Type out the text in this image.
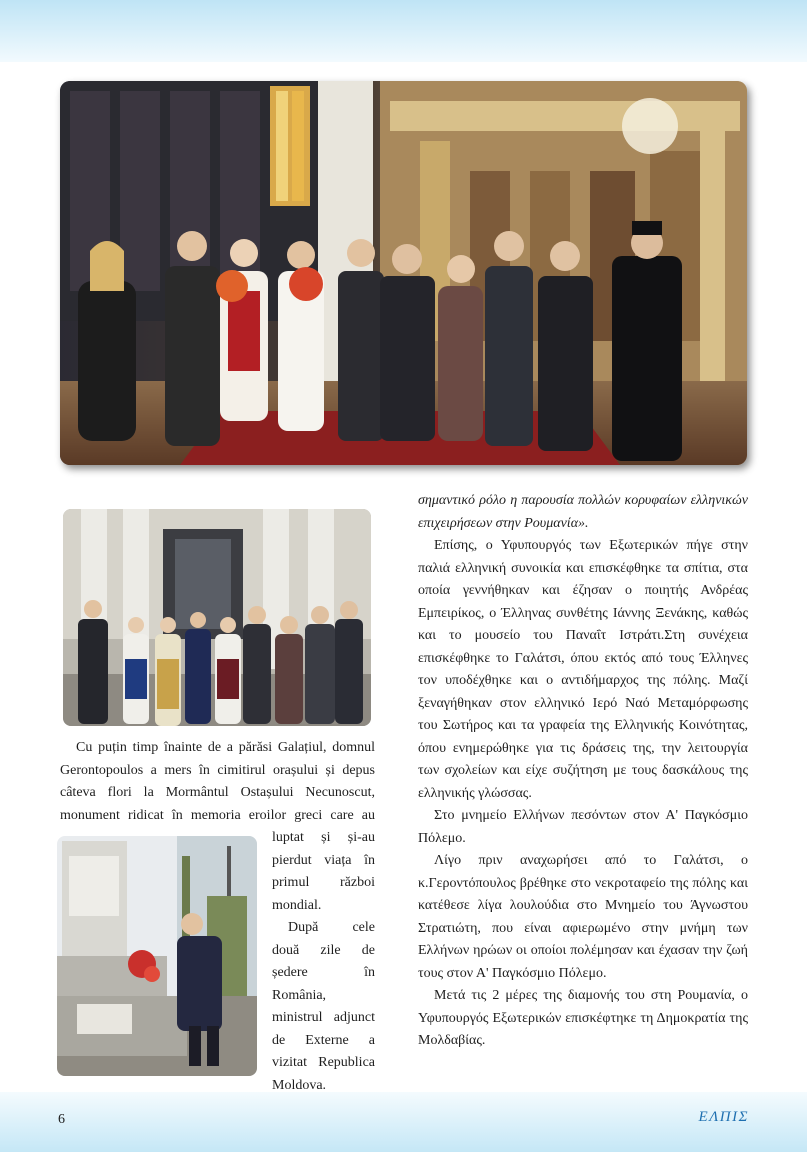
σημαντικό ρόλο η παρουσία πολλών κορυφαίων ελληνικών επιχειρήσεων στην Ρουμανία».

Επίσης, ο Υφυπουργός των Εξωτερικών πήγε στην παλιά ελληνική συνοικία και επισκέφθηκε τα σπίτια, στα οποία γεννήθηκαν και έζησαν ο ποιητής Ανδρέας Εμπειρίκος, ο Έλληνας συνθέτης Ιάννης Ξενάκης, καθώς και το μουσείο του Παναΐτ Ιστράτι.Στη συνέχεια επισκέφθηκε το Γαλάτσι, όπου εκτός από τους Έλληνες τον υποδέχθηκε και ο αντιδήμαρχος της πόλης. Μαζί ξεναγήθηκαν στον ελληνικό Ιερό Ναό Μεταμόρφωσης του Σωτήρος και τα γραφεία της Ελληνικής Κοινότητας, όπου ενημερώθηκε για τις δράσεις της, την λειτουργία των σχολείων και είχε συζήτηση με τους δασκάλους της ελληνικής γλώσσας.

Στο μνημείο Ελλήνων πεσόντων στον Α' Παγκόσμιο Πόλεμο.

Λίγο πριν αναχωρήσει από το Γαλάτσι, ο κ.Γεροντόπουλος βρέθηκε στο νεκροταφείο της πόλης και κατέθεσε λίγα λουλούδια στο Μνημείο του Άγνωστου Στρατιώτη, που είναι αφιερωμένο στην μνήμη των Ελλήνων ηρώων οι οποίοι πολέμησαν και έχασαν την ζωή τους στον Α' Παγκόσμιο Πόλεμο.

Μετά τις 2 μέρες της διαμονής του στη Ρουμανία, ο Υφυπουργός Εξωτερικών επισκέφτηκε τη Δημοκρατία της Μολδαβίας.

Cu puțin timp înainte de a părăsi Galațiul, domnul Gerontopoulos a mers în cimitirul orașului și depus câteva flori la Mormântul Ostașului Necunoscut, monument ridicat în memoria eroilor greci care au luptat și și-au pierdut viața în primul război mondial.

După cele două zile de ședere în România, ministrul adjunct de Externe a vizitat Republica Moldova.

6	ΕΛΠΙΣ
